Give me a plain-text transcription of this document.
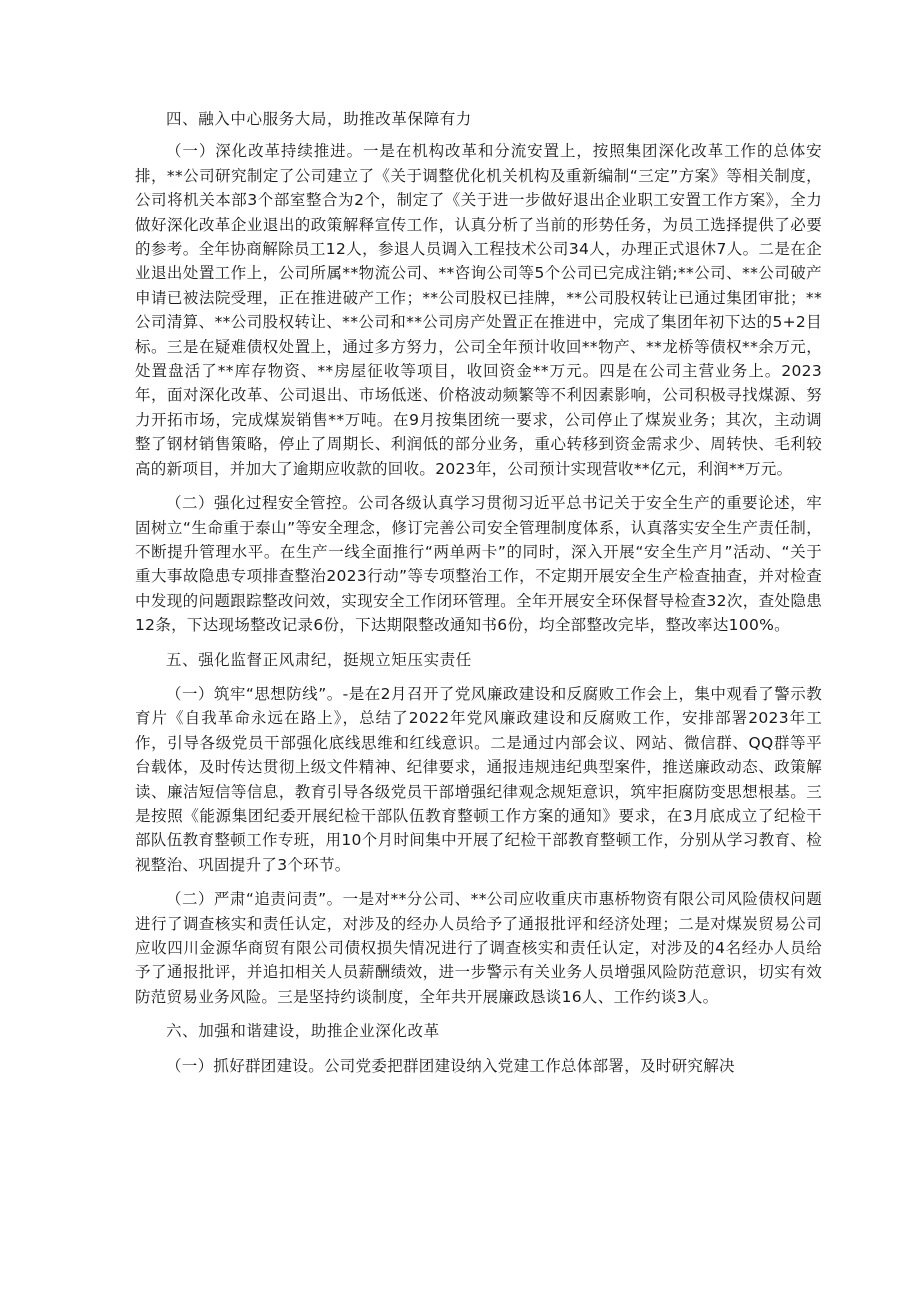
四、融入中心服务大局，助推改革保障有力

（一）深化改革持续推进。一是在机构改革和分流安置上，按照集团深化改革工作的总体安排，**公司研究制定了公司建立了《关于调整优化机关机构及重新编制“三定”方案》等相关制度，公司将机关本部3个部室整合为2个，制定了《关于进一步做好退出企业职工安置工作方案》，全力做好深化改革企业退出的政策解释宣传工作，认真分析了当前的形势任务，为员工选择提供了必要的参考。全年协商解除员工12人，参退人员调入工程技术公司34人，办理正式退休7人。二是在企业退出处置工作上，公司所属**物流公司、**咨询公司等5个公司已完成注销;**公司、**公司破产申请已被法院受理，正在推进破产工作；**公司股权已挂牌，**公司股权转让已通过集团审批；**公司清算、**公司股权转让、**公司和**公司房产处置正在推进中，完成了集团年初下达的5+2目标。三是在疑难债权处置上，通过多方努力，公司全年预计收回**物产、**龙桥等债权**余万元，处置盘活了**库存物资、**房屋征收等项目，收回资金**万元。四是在公司主营业务上。2023年，面对深化改革、公司退出、市场低迷、价格波动频繁等不利因素影响，公司积极寻找煤源、努力开拓市场，完成煤炭销售**万吨。在9月按集团统一要求，公司停止了煤炭业务；其次，主动调整了钢材销售策略，停止了周期长、利润低的部分业务，重心转移到资金需求少、周转快、毛利较高的新项目，并加大了逾期应收款的回收。2023年，公司预计实现营收**亿元，利润**万元。

（二）强化过程安全管控。公司各级认真学习贯彻习近平总书记关于安全生产的重要论述，牢固树立“生命重于泰山”等安全理念，修订完善公司安全管理制度体系，认真落实安全生产责任制，不断提升管理水平。在生产一线全面推行“两单两卡”的同时，深入开展“安全生产月”活动、“关于重大事故隐患专项排查整治2023行动”等专项整治工作，不定期开展安全生产检查抽查，并对检查中发现的问题跟踪整改问效，实现安全工作闭环管理。全年开展安全环保督导检查32次，查处隐患12条，下达现场整改记录6份，下达期限整改通知书6份，均全部整改完毕，整改率达100%。

五、强化监督正风肃纪，挺规立矩压实责任

（一）筑牢“思想防线”。-是在2月召开了党风廉政建设和反腐败工作会上，集中观看了警示教育片《自我革命永远在路上》，总结了2022年党风廉政建设和反腐败工作，安排部署2023年工作，引导各级党员干部强化底线思维和红线意识。二是通过内部会议、网站、微信群、QQ群等平台载体，及时传达贯彻上级文件精神、纪律要求，通报违规违纪典型案件，推送廉政动态、政策解读、廉洁短信等信息，教育引导各级党员干部增强纪律观念规矩意识，筑牢拒腐防变思想根基。三是按照《能源集团纪委开展纪检干部队伍教育整顿工作方案的通知》要求，在3月底成立了纪检干部队伍教育整顿工作专班，用10个月时间集中开展了纪检干部教育整顿工作，分别从学习教育、检视整治、巩固提升了3个环节。

（二）严肃“追责问责”。一是对**分公司、**公司应收重庆市惠桥物资有限公司风险债权问题进行了调查核实和责任认定，对涉及的经办人员给予了通报批评和经济处理；二是对煤炭贸易公司应收四川金源华商贸有限公司债权损失情况进行了调查核实和责任认定，对涉及的4名经办人员给予了通报批评，并追扣相关人员薪酬绩效，进一步警示有关业务人员增强风险防范意识，切实有效防范贸易业务风险。三是坚持约谈制度，全年共开展廉政恳谈16人、工作约谈3人。

六、加强和谐建设，助推企业深化改革

（一）抓好群团建设。公司党委把群团建设纳入党建工作总体部署，及时研究解决
